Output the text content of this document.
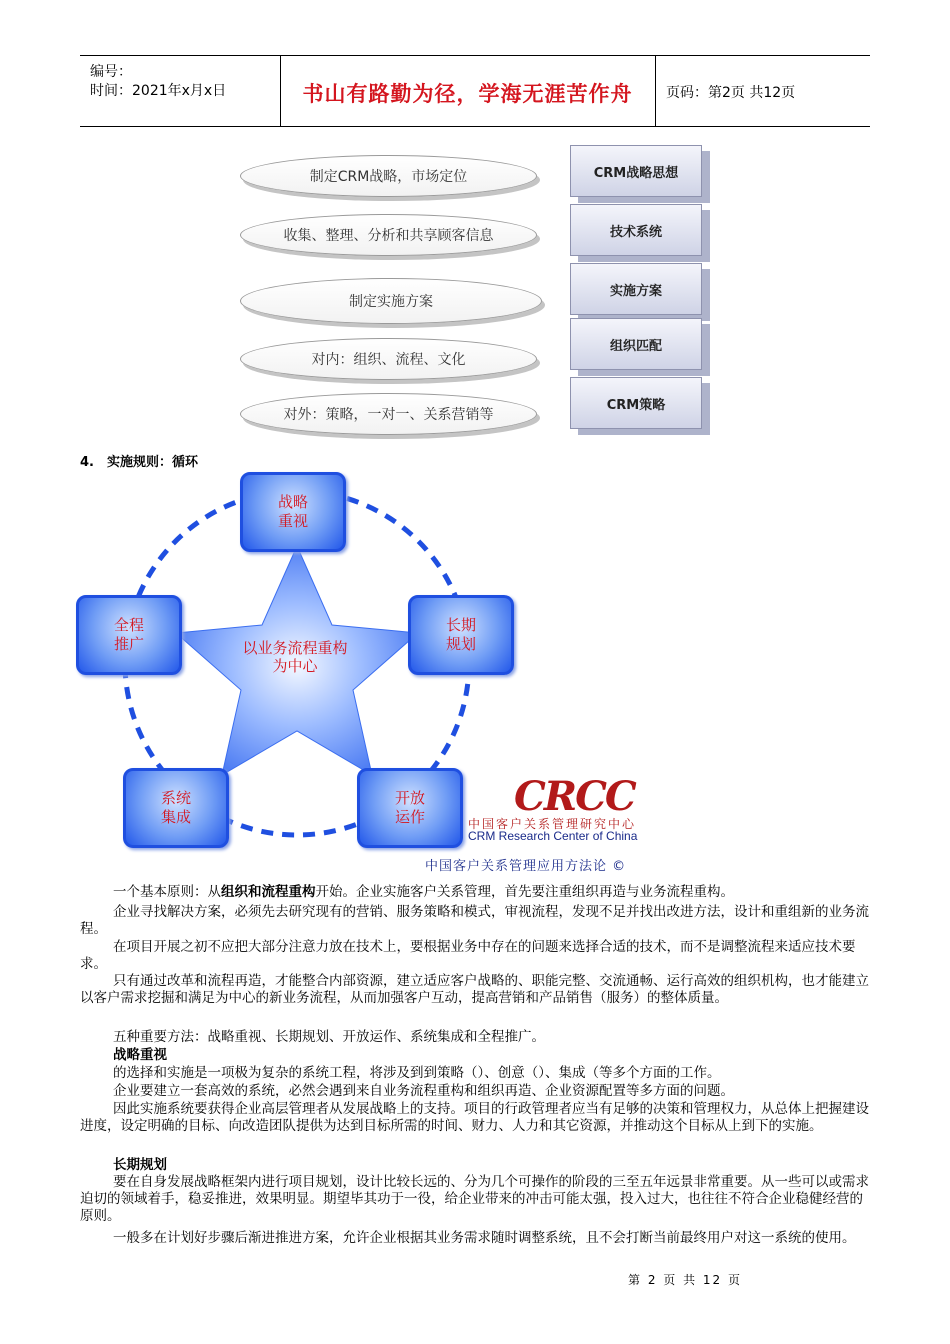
编号：
时间：2021年x月x日	书山有路勤为径，学海无涯苦作舟	页码：第2页 共12页
制定CRM战略，市场定位
收集、整理、分析和共享顾客信息
制定实施方案
对内：组织、流程、文化
对外：策略，一对一、关系营销等
CRM战略思想
技术系统
实施方案
组织匹配
CRM策略
4.　实施规则：循环
以业务流程重构为中心
战略重视
长期规划
开放运作
系统集成
全程推广
CRCC
中国客户关系管理研究中心
CRM Research Center of China
中国客户关系管理应用方法论 ©
一个基本原则：从组织和流程重构开始。企业实施客户关系管理，首先要注重组织再造与业务流程重构。
企业寻找解决方案，必须先去研究现有的营销、服务策略和模式，审视流程，发现不足并找出改进方法，设计和重组新的业务流程。
在项目开展之初不应把大部分注意力放在技术上，要根据业务中存在的问题来选择合适的技术，而不是调整流程来适应技术要求。
只有通过改革和流程再造，才能整合内部资源，建立适应客户战略的、职能完整、交流通畅、运行高效的组织机构，也才能建立以客户需求挖掘和满足为中心的新业务流程，从而加强客户互动，提高营销和产品销售（服务）的整体质量。
五种重要方法：战略重视、长期规划、开放运作、系统集成和全程推广。
战略重视
的选择和实施是一项极为复杂的系统工程，将涉及到到策略（）、创意（）、集成（等多个方面的工作。
企业要建立一套高效的系统，必然会遇到来自业务流程重构和组织再造、企业资源配置等多方面的问题。
因此实施系统要获得企业高层管理者从发展战略上的支持。项目的行政管理者应当有足够的决策和管理权力，从总体上把握建设进度，设定明确的目标、向改造团队提供为达到目标所需的时间、财力、人力和其它资源，并推动这个目标从上到下的实施。
长期规划
要在自身发展战略框架内进行项目规划，设计比较长远的、分为几个可操作的阶段的三至五年远景非常重要。从一些可以或需求迫切的领域着手，稳妥推进，效果明显。期望毕其功于一役，给企业带来的冲击可能太强，投入过大，也往往不符合企业稳健经营的原则。
一般多在计划好步骤后渐进推进方案，允许企业根据其业务需求随时调整系统，且不会打断当前最终用户对这一系统的使用。
第 2 页 共 12 页
